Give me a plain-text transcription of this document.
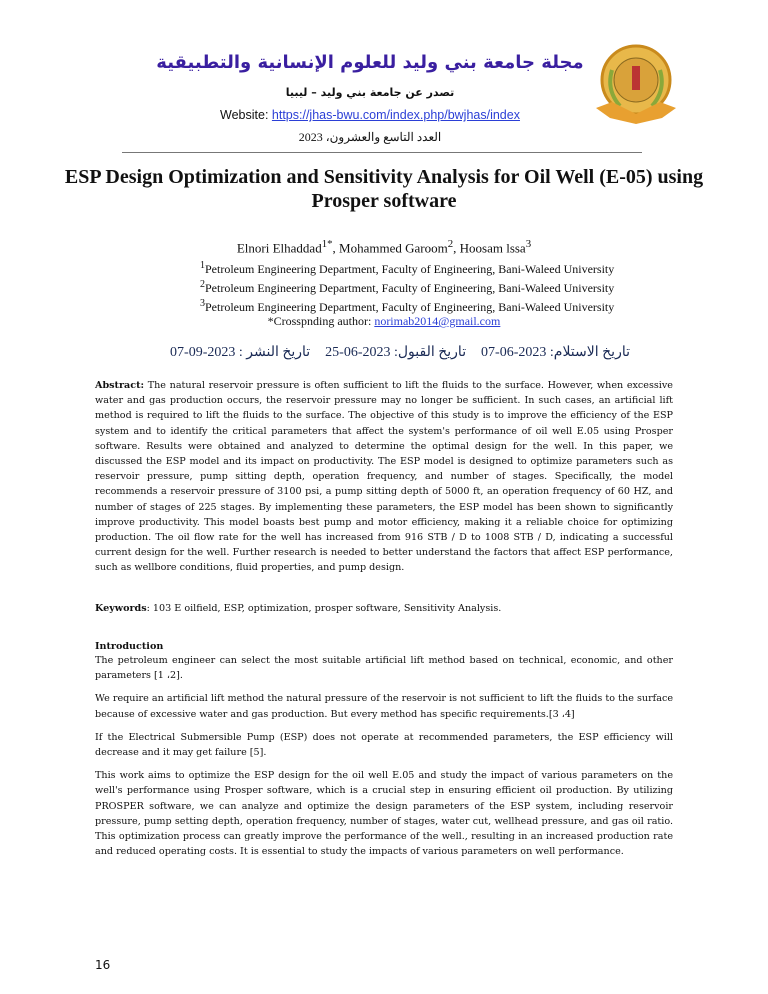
مجلة جامعة بني وليد للعلوم الإنسانية والتطبيقية
تصدر عن جامعة بني وليد – ليبيا
Website: https://jhas-bwu.com/index.php/bwjhas/index
العدد التاسع والعشرون، 2023
ESP Design Optimization and Sensitivity Analysis for Oil Well (E-05) using Prosper software
Elnori Elhaddad$^{1*}$, Mohammed Garoom$^2$, Hoosam lssa$^3$
$^1$Petroleum Engineering Department, Faculty of Engineering, Bani-Waleed University
$^2$Petroleum Engineering Department, Faculty of Engineering, Bani-Waleed University
$^3$Petroleum Engineering Department, Faculty of Engineering, Bani-Waleed University
*Crosspnding author: norimab2014@gmail.com
تاريخ الاستلام: 2023-06-07
تاريخ القبول: 2023-06-25
تاريخ النشر : 2023-09-07
Abstract: The natural reservoir pressure is often sufficient to lift the fluids to the surface. However, when excessive water and gas production occurs, the reservoir pressure may no longer be sufficient. In such cases, an artificial lift method is required to lift the fluids to the surface. The objective of this study is to improve the efficiency of the ESP system and to identify the critical parameters that affect the system's performance of oil well E.05 using Prosper software. Results were obtained and analyzed to determine the optimal design for the well. In this paper, we discussed the ESP model and its impact on productivity. The ESP model is designed to optimize parameters such as reservoir pressure, pump sitting depth, operation frequency, and number of stages. Specifically, the model recommends a reservoir pressure of 3100 psi, a pump sitting depth of 5000 ft, an operation frequency of 60 HZ, and number of stages of 225 stages. By implementing these parameters, the ESP model has been shown to significantly improve productivity. This model boasts best pump and motor efficiency, making it a reliable choice for optimizing production. The oil flow rate for the well has increased from 916 STB / D to 1008 STB / D, indicating a successful current design for the well. Further research is needed to better understand the factors that affect ESP performance, such as wellbore conditions, fluid properties, and pump design.
Keywords: 103 E oilfield, ESP, optimization, prosper software, Sensitivity Analysis.
Introduction

The petroleum engineer can select the most suitable artificial lift method based on technical, economic, and other parameters [1 ،2].

We require an artificial lift method the natural pressure of the reservoir is not sufficient to lift the fluids to the surface because of excessive water and gas production. But every method has specific requirements.[3 ،4]

If the Electrical Submersible Pump (ESP) does not operate at recommended parameters, the ESP efficiency will decrease and it may get failure [5].

This work aims to optimize the ESP design for the oil well E.05 and study the impact of various parameters on the well's performance using Prosper software, which is a crucial step in ensuring efficient oil production. By utilizing PROSPER software, we can analyze and optimize the design parameters of the ESP system, including reservoir pressure, pump setting depth, operation frequency, number of stages, water cut, wellhead pressure, and gas oil ratio. This optimization process can greatly improve the performance of the well., resulting in an increased production rate and reduced operating costs. It is essential to study the impacts of various parameters on well performance.

16
